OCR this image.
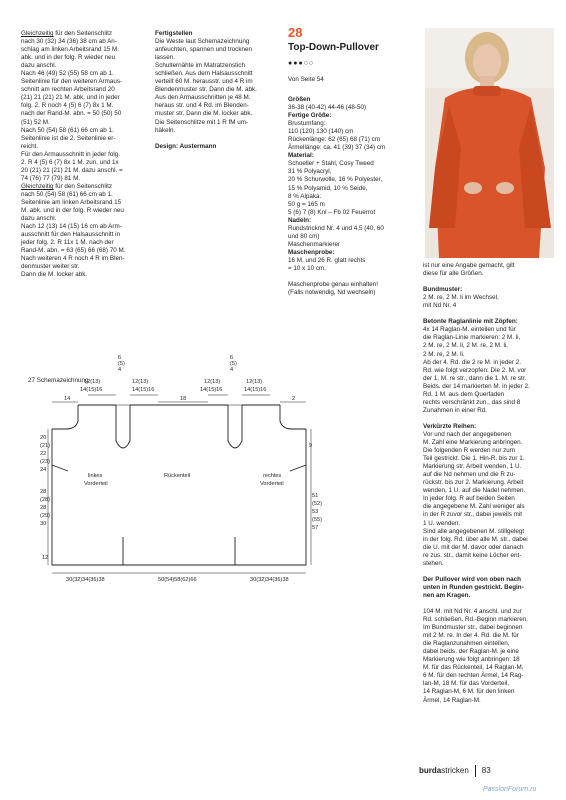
Gleichzeitig für den Seitenschlitz

nach 30 (32) 34 (36) 38 cm ab An-

schlag am linken Arbeitsrand 15 M.

abk. und in der folg. R wieder neu

dazu anschl.

Nach 46 (49) 52 (55) 58 cm ab 1.

Seitenlinie für den weiteren Armaus-

schnitt am rechten Arbeitsrand 20

(21) 21 (21) 21 M. abk. und in jeder

folg. 2. R noch 4 (5) 6 (7) 8x 1 M.

nach der Rand-M. abn. = 50 (50) 50

(51) 52 M.

Nach 50 (54) 58 (61) 66 cm ab 1.

Seitenlinie ist die 2. Seitenlinie er-

reicht.

Für den Armausschnitt in jeder folg.

2. R 4 (5) 6 (7) 8x 1 M. zun. und 1x

20 (21) 21 (21) 21 M. dazu anschl. =

74 (76) 77 (79) 81 M.

Gleichzeitig für den Seitenschlitz

nach 50 (54) 58 (61) 66 cm ab 1.

Seitenlinie am linken Arbeitsrand 15

M. abk. und in der folg. R wieder neu

dazu anschl.

Nach 12 (13) 14 (15) 16 cm ab Arm-

ausschnitt für den Halsausschnitt in

jeder folg. 2. R 11x 1 M. nach der

Rand-M. abn. = 63 (65) 66 (68) 70 M.

Nach weiteren 4 R noch 4 R im Blen-

denmuster weiter str.

Dann die M. locker abk.

Fertigstellen

Die Weste laut Schemazeichnung

anfeuchten, spannen und trocknen

lassen.

Schulternähte im Matratzenstich

schließen. Aus dem Halsausschnitt

verteilt 60 M. herausstr. und 4 R im

Blendenmuster str. Dann die M. abk.

Aus den Armausschnitten je 48 M.

heraus str. und 4 Rd. im Blenden-

muster str. Dann die M. locker abk.

Die Seitenschlitze mit 1 R fM um-

häkeln.

Design: Austermann

28
Top-Down-Pullover
●●●○○
Von Seite 54

Größen

36-38 (40-42) 44-46 (48-50)

Fertige Größe:

Brustumfang:

110 (120) 130 (140) cm

Rückenlänge: 62 (65) 68 (71) cm

Ärmellänge: ca. 41 (39) 37 (34) cm

Material:

Schoeller + Stahl, Cosy Tweed

31 % Polyacryl,

20 % Schurwolle, 16 % Polyester,

15 % Polyamid, 10 % Seide,

8 % Alpaka.

50 g = 165 m

5 (6) 7 (8) Knl – Fb 02 Feuerrot

Nadeln:

Rundstricknd Nr. 4 und 4,5 (40, 60

und 80 cm)

Maschenmarkierer

Maschenprobe:

16 M. und 26 R. glatt rechts

= 10 x 10 cm.

Maschenprobe genau einhalten!

(Falls notwendig, Nd wechseln)

ist nur eine Angabe gemacht, gilt

diese für alle Größen.

Bundmuster:

2 M. re, 2 M. li im Wechsel,

mit Nd Nr. 4

Betonte Raglanlinie mit Zöpfen:

4x 14 Raglan-M. einteilen und für

die Raglan-Linie markieren: 2 M. li,

2 M. re, 2 M. li, 2 M. re, 2 M. li,

2 M. re, 2 M. li.

Ab der 4. Rd. die 2 re M. in jeder 2.

Rd. wie folgt verzopfen: Die 2. M. vor

der 1. M. re str., dann die 1. M. re str.

Beids. der 14 markierten M. in jeder 2.

Rd. 1 M. aus dem Querfaden

rechts verschränkt zun., das sind 8

Zunahmen in einer Rd.

Verkürzte Reihen:

Vor und nach der angegebenen

M. Zahl eine Markierung anbringen.

Die folgenden R werden nur zum

Teil gestrickt. Die 1. Hin-R. bis zur 1.

Markierung str. Arbeit wenden, 1 U.

auf die Nd nehmen und die R zu-

rückstr. bis zur 2. Markierung. Arbeit

wenden, 1 U. auf die Nadel nehmen.

In jeder folg. R auf beiden Seiten

die angegebene M. Zahl weniger als

in der R zuvor str., dabei jeweils mit

1 U. wenden.

Sind alle angegebenen M. stillgelegt

in der folg. Rd. über alle M. str., dabei

die U. mit der M. davor oder danach

re zus. str., damit keine Löcher ent-

stehen.

Der Pullover wird von oben nach

unten in Runden gestrickt. Begin-

nen am Kragen.

104 M. mit Nd Nr. 4 anschl. und zur

Rd. schließen. Rd.-Beginn markieren.

Im Bundmuster str., dabei beginnen

mit 2 M. re. In der 4. Rd. die M. für

die Raglanzunahmen einteilen,

dabei beids. der Raglan-M. je eine

Markierung wie folgt anbringen: 18

M. für das Rückenteil, 14 Raglan-M,

6 M. für den rechten Ärmel, 14 Rag-

lan-M, 18 M. für das Vorderteil,

14 Raglan-M, 6 M. für den linken

Ärmel, 14 Raglan-M.

27 Schemazeichnung
14	18	2
12(13)
14(15)16
12(13)
14(15)16
12(13)
14(15)16
12(13)
14(15)16
4
(5)
6
4
(5)
6
linkes
Vorderteil
Rückenteil	rechtes
Vorderteil
9
20
(21)
22
(23)
24
28
(28)
28
(29)
30
51
(52)
53
(55)
57
12
30(32)34(36)38	50(54)58(62)66	30(32)34(36)38
burdastricken 83
PassionForum.ru
